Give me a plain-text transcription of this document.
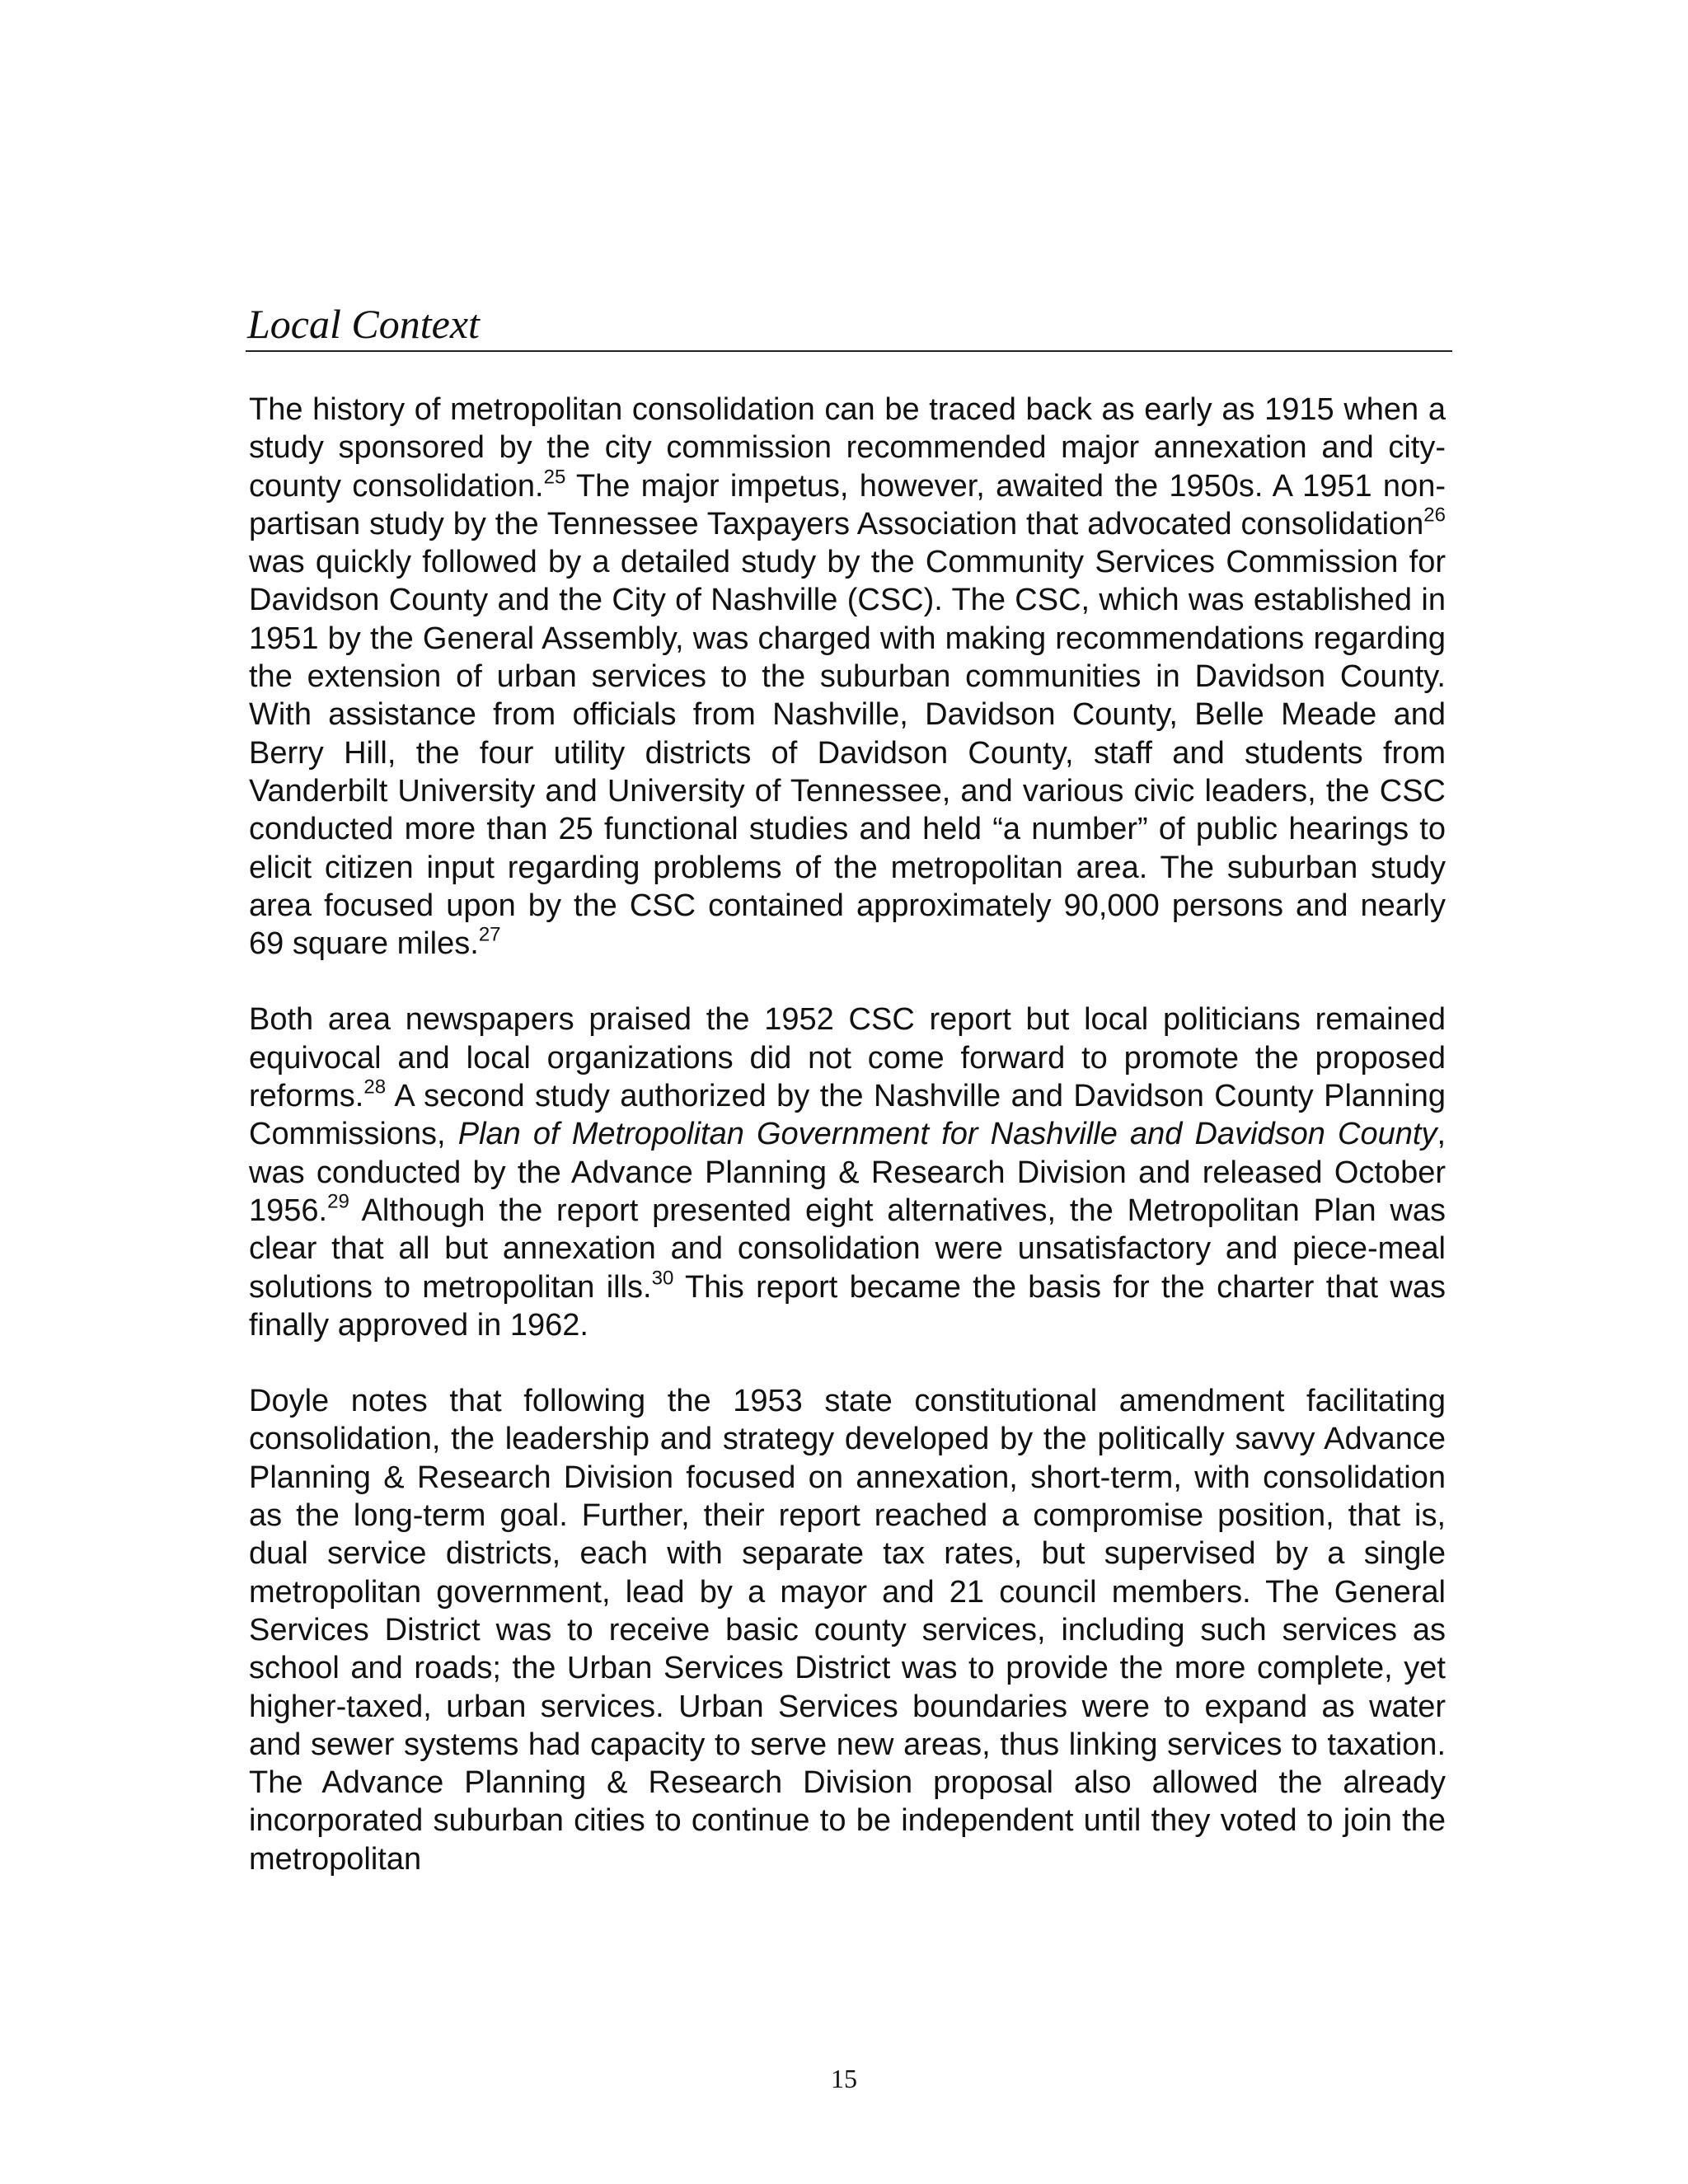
Local Context

The history of metropolitan consolidation can be traced back as early as 1915 when a study sponsored by the city commission recommended major annexation and city-county consolidation.$^{25}$ The major impetus, however, awaited the 1950s. A 1951 non-partisan study by the Tennessee Taxpayers Association that advocated consolidation$^{26}$ was quickly followed by a detailed study by the Community Services Commission for Davidson County and the City of Nashville (CSC). The CSC, which was established in 1951 by the General Assembly, was charged with making recommendations regarding the extension of urban services to the suburban communities in Davidson County. With assistance from officials from Nashville, Davidson County, Belle Meade and Berry Hill, the four utility districts of Davidson County, staff and students from Vanderbilt University and University of Tennessee, and various civic leaders, the CSC conducted more than 25 functional studies and held “a number” of public hearings to elicit citizen input regarding problems of the metropolitan area. The suburban study area focused upon by the CSC contained approximately 90,000 persons and nearly 69 square miles.$^{27}$

Both area newspapers praised the 1952 CSC report but local politicians remained equivocal and local organizations did not come forward to promote the proposed reforms.$^{28}$ A second study authorized by the Nashville and Davidson County Planning Commissions, Plan of Metropolitan Government for Nashville and Davidson County, was conducted by the Advance Planning & Research Division and released October 1956.29 Although the report presented eight alternatives, the Metropolitan Plan was clear that all but annexation and consolidation were unsatisfactory and piece-meal solutions to metropolitan ills.$^{30}$ This report became the basis for the charter that was finally approved in 1962.

Doyle notes that following the 1953 state constitutional amendment facilitating consolidation, the leadership and strategy developed by the politically savvy Advance Planning & Research Division focused on annexation, short-term, with consolidation as the long-term goal. Further, their report reached a compromise position, that is, dual service districts, each with separate tax rates, but supervised by a single metropolitan government, lead by a mayor and 21 council members. The General Services District was to receive basic county services, including such services as school and roads; the Urban Services District was to provide the more complete, yet higher-taxed, urban services. Urban Services boundaries were to expand as water and sewer systems had capacity to serve new areas, thus linking services to taxation. The Advance Planning & Research Division proposal also allowed the already incorporated suburban cities to continue to be independent until they voted to join the metropolitan

15
